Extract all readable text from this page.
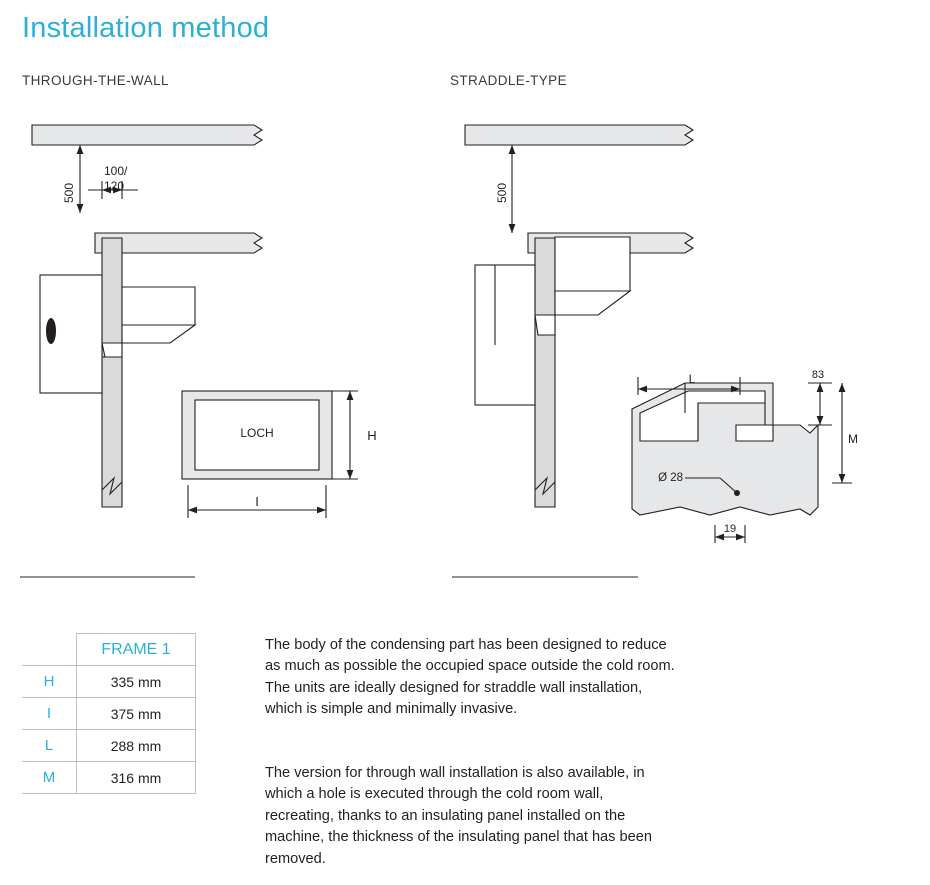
Installation method
THROUGH-THE-WALL	STRADDLE-TYPE
500
100/
120
LOCH	H
I
500
L	83
M
Ø 28
19
	FRAME 1
H	335 mm
I	375 mm
L	288 mm
M	316 mm

The body of the condensing part has been designed to reduce as much as possible the occupied space outside the cold room. The units are ideally designed for straddle wall installation, which is simple and minimally invasive.

The version for through wall installation is also available, in which a hole is executed through the cold room wall, recreating, thanks to an insulating panel installed on the machine, the thickness of the insulating panel that has been removed.
